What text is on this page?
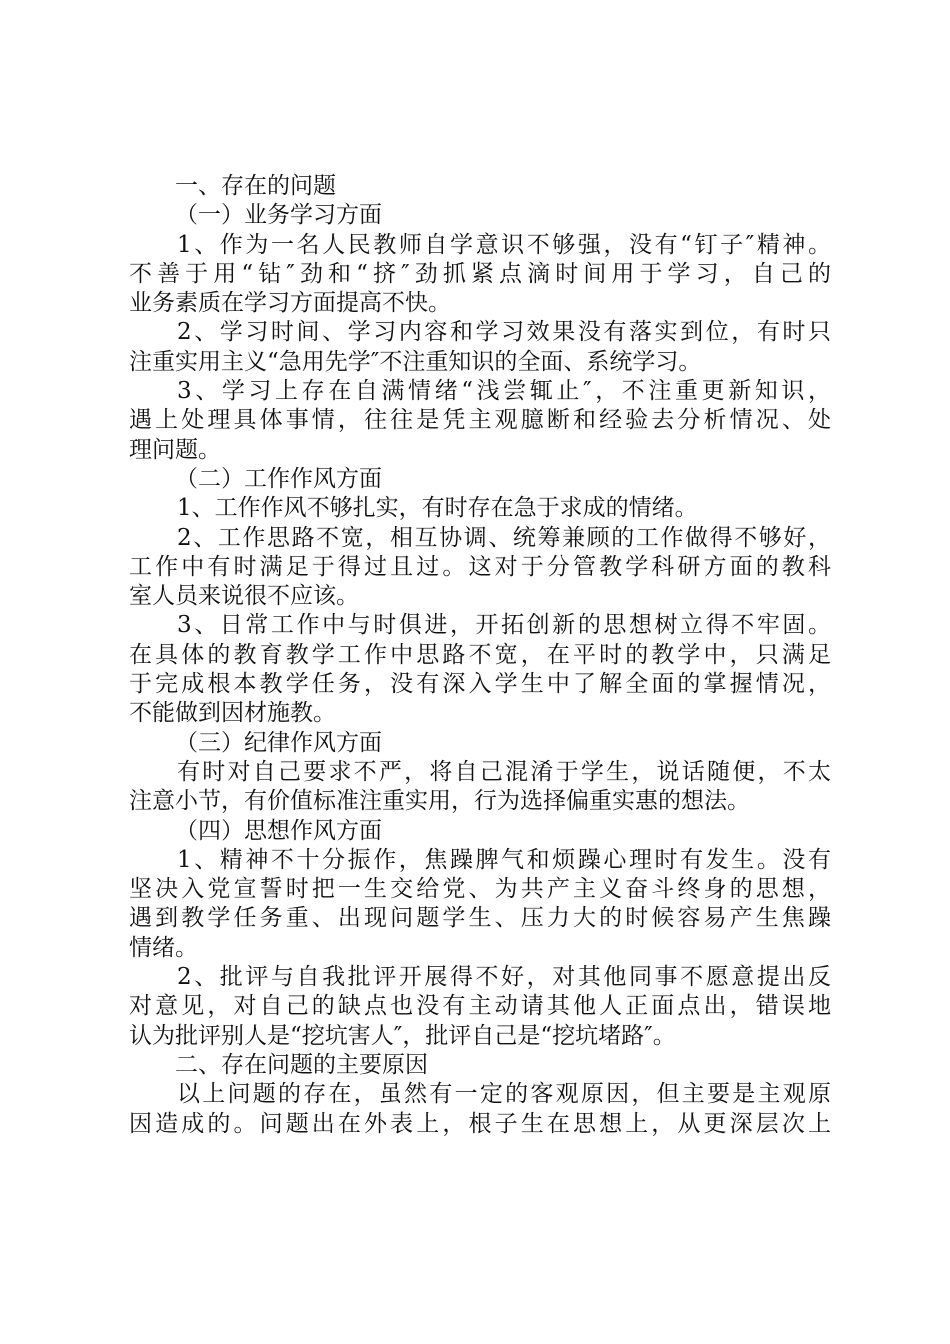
一、存在的问题
（一）业务学习方面
1、作为一名人民教师自学意识不够强，没有“钉子″精神。
不善于用“钻″劲和“挤″劲抓紧点滴时间用于学习，自己的
业务素质在学习方面提高不快。
2、学习时间、学习内容和学习效果没有落实到位，有时只
注重实用主义“急用先学″不注重知识的全面、系统学习。
3、学习上存在自满情绪“浅尝辄止″，不注重更新知识，
遇上处理具体事情，往往是凭主观臆断和经验去分析情况、处
理问题。
（二）工作作风方面
1、工作作风不够扎实，有时存在急于求成的情绪。
2、工作思路不宽，相互协调、统筹兼顾的工作做得不够好，
工作中有时满足于得过且过。这对于分管教学科研方面的教科
室人员来说很不应该。
3、日常工作中与时俱进，开拓创新的思想树立得不牢固。
在具体的教育教学工作中思路不宽，在平时的教学中，只满足
于完成根本教学任务，没有深入学生中了解全面的掌握情况，
不能做到因材施教。
（三）纪律作风方面
有时对自己要求不严，将自己混淆于学生，说话随便，不太
注意小节，有价值标准注重实用，行为选择偏重实惠的想法。
（四）思想作风方面
1、精神不十分振作，焦躁脾气和烦躁心理时有发生。没有
坚决入党宣誓时把一生交给党、为共产主义奋斗终身的思想，
遇到教学任务重、出现问题学生、压力大的时候容易产生焦躁
情绪。
2、批评与自我批评开展得不好，对其他同事不愿意提出反
对意见，对自己的缺点也没有主动请其他人正面点出，错误地
认为批评别人是“挖坑害人″，批评自己是“挖坑堵路″。
二、存在问题的主要原因
以上问题的存在，虽然有一定的客观原因，但主要是主观原
因造成的。问题出在外表上，根子生在思想上，从更深层次上
